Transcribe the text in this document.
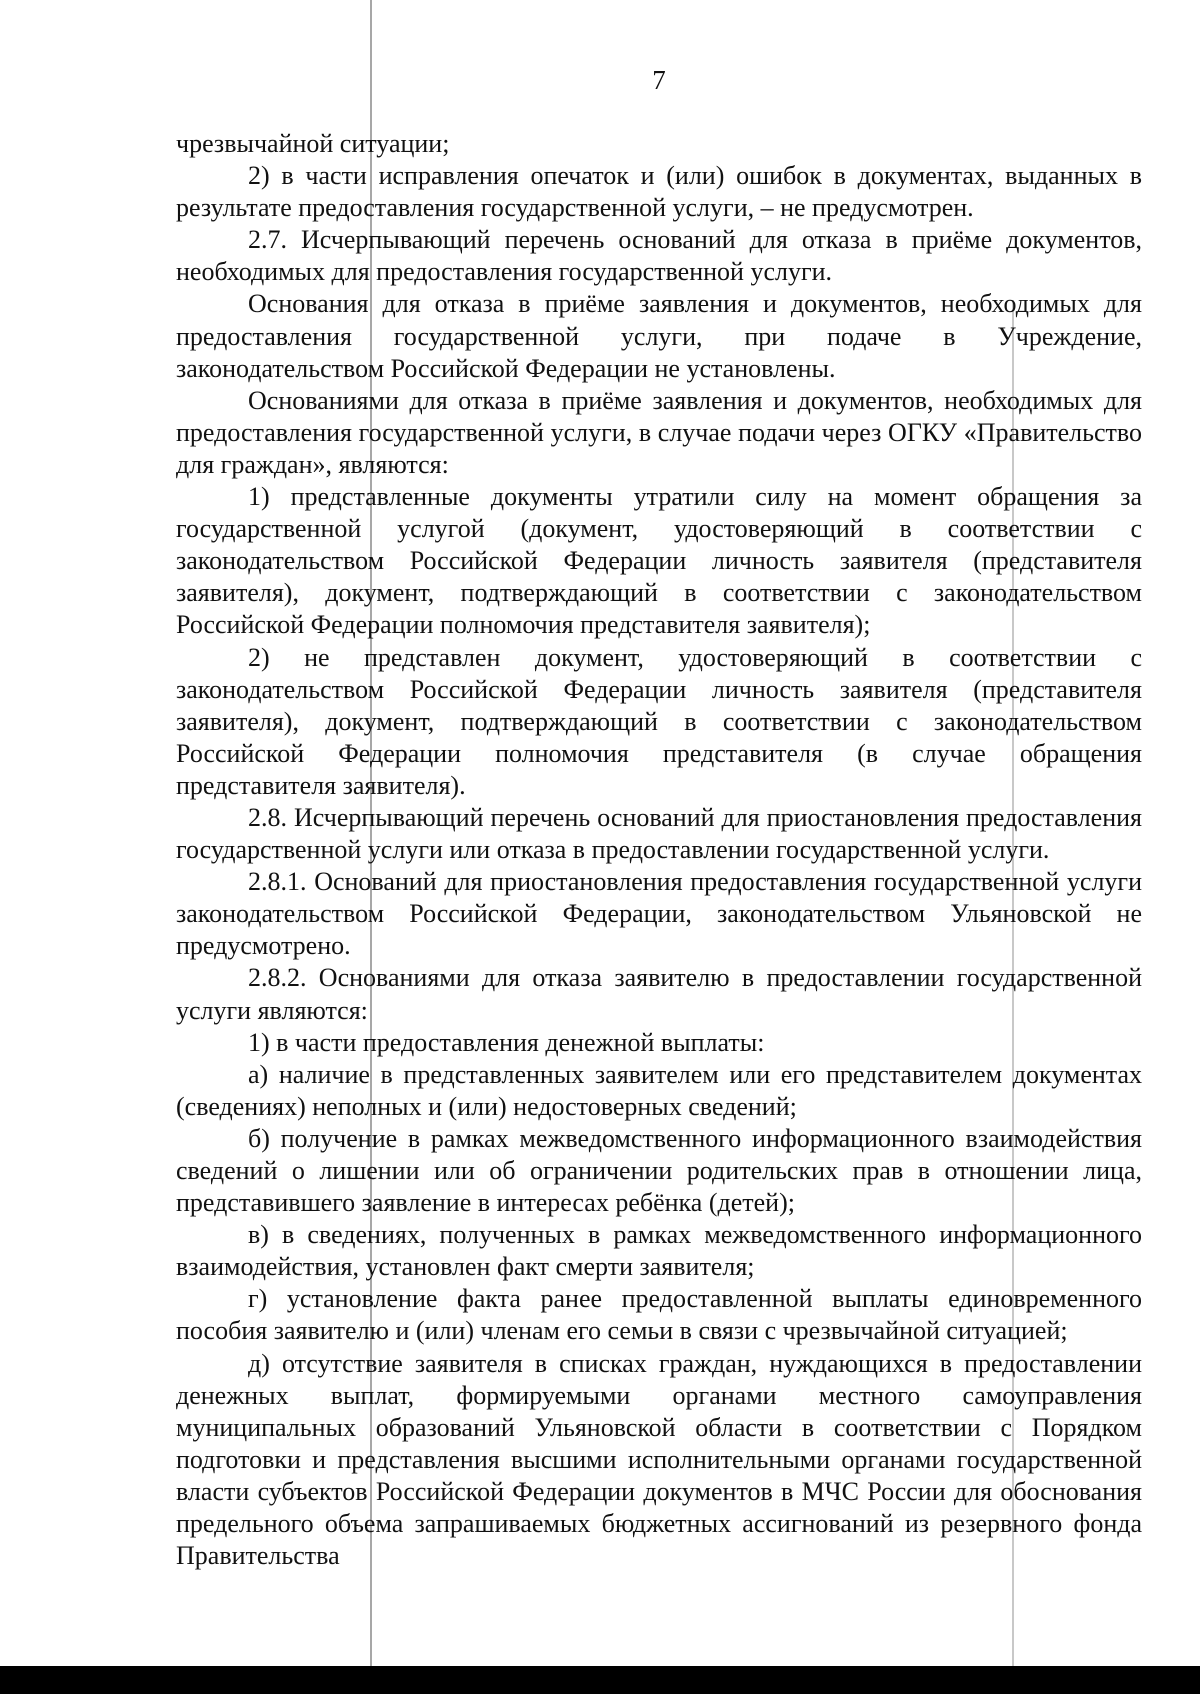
7

чрезвычайной ситуации;

2) в части исправления опечаток и (или) ошибок в документах, выданных в результате предоставления государственной услуги, – не предусмотрен.

2.7. Исчерпывающий перечень оснований для отказа в приёме документов, необходимых для предоставления государственной услуги.

Основания для отказа в приёме заявления и документов, необходимых для предоставления государственной услуги, при подаче в Учреждение, законодательством Российской Федерации не установлены.

Основаниями для отказа в приёме заявления и документов, необходимых для предоставления государственной услуги, в случае подачи через ОГКУ «Правительство для граждан», являются:

1) представленные документы утратили силу на момент обращения за государственной услугой (документ, удостоверяющий в соответствии с законодательством Российской Федерации личность заявителя (представителя заявителя), документ, подтверждающий в соответствии с законодательством Российской Федерации полномочия представителя заявителя);

2) не представлен документ, удостоверяющий в соответствии с законодательством Российской Федерации личность заявителя (представителя заявителя), документ, подтверждающий в соответствии с законодательством Российской Федерации полномочия представителя (в случае обращения представителя заявителя).

2.8. Исчерпывающий перечень оснований для приостановления предоставления государственной услуги или отказа в предоставлении государственной услуги.

2.8.1. Оснований для приостановления предоставления государственной услуги законодательством Российской Федерации, законодательством Ульяновской не предусмотрено.

2.8.2. Основаниями для отказа заявителю в предоставлении государственной услуги являются:

1) в части предоставления денежной выплаты:

а) наличие в представленных заявителем или его представителем документах (сведениях) неполных и (или) недостоверных сведений;

б) получение в рамках межведомственного информационного взаимодействия сведений о лишении или об ограничении родительских прав в отношении лица, представившего заявление в интересах ребёнка (детей);

в) в сведениях, полученных в рамках межведомственного информационного взаимодействия, установлен факт смерти заявителя;

г) установление факта ранее предоставленной выплаты единовременного пособия заявителю и (или) членам его семьи в связи с чрезвычайной ситуацией;

д) отсутствие заявителя в списках граждан, нуждающихся в предоставлении денежных выплат, формируемыми органами местного самоуправления муниципальных образований Ульяновской области в соответствии с Порядком подготовки и представления высшими исполнительными органами государственной власти субъектов Российской Федерации документов в МЧС России для обоснования предельного объема запрашиваемых бюджетных ассигнований из резервного фонда Правительства
